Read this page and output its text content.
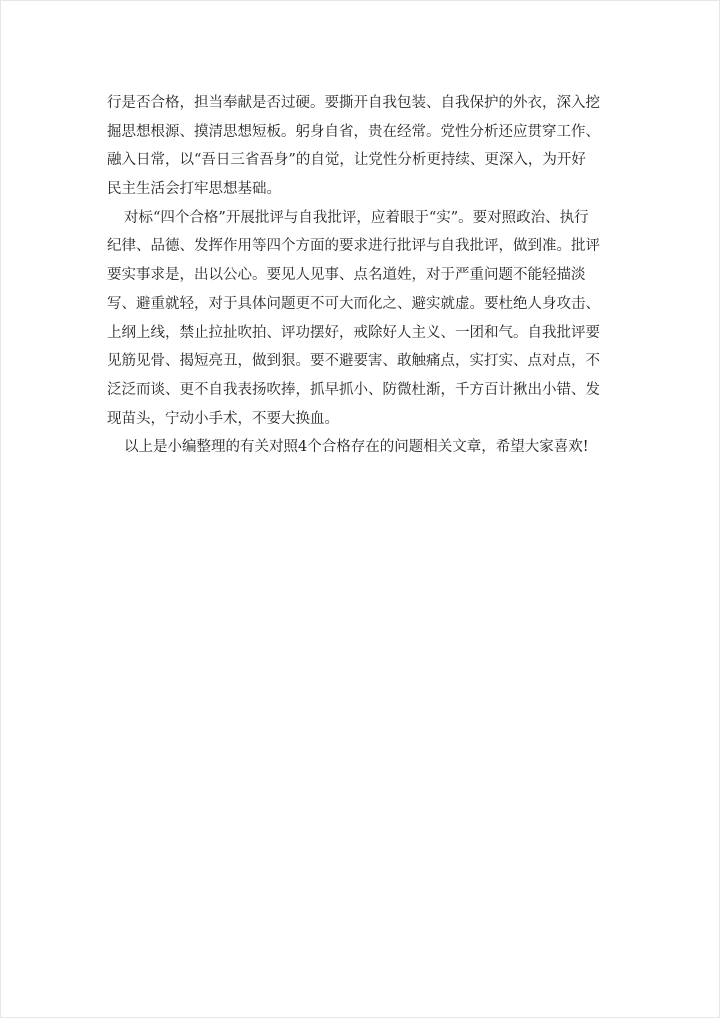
行是否合格，担当奉献是否过硬。要撕开自我包装、自我保护的外衣，深入挖
掘思想根源、摸清思想短板。躬身自省，贵在经常。党性分析还应贯穿工作、
融入日常，以“吾日三省吾身”的自觉，让党性分析更持续、更深入，为开好
民主生活会打牢思想基础。
对标“四个合格”开展批评与自我批评，应着眼于“实”。要对照政治、执行
纪律、品德、发挥作用等四个方面的要求进行批评与自我批评，做到准。批评
要实事求是，出以公心。要见人见事、点名道姓，对于严重问题不能轻描淡
写、避重就轻，对于具体问题更不可大而化之、避实就虚。要杜绝人身攻击、
上纲上线，禁止拉扯吹拍、评功摆好，戒除好人主义、一团和气。自我批评要
见筋见骨、揭短亮丑，做到狠。要不避要害、敢触痛点，实打实、点对点，不
泛泛而谈、更不自我表扬吹捧，抓早抓小、防微杜渐，千方百计揪出小错、发
现苗头，宁动小手术，不要大换血。
以上是小编整理的有关对照4个合格存在的问题相关文章，希望大家喜欢!
